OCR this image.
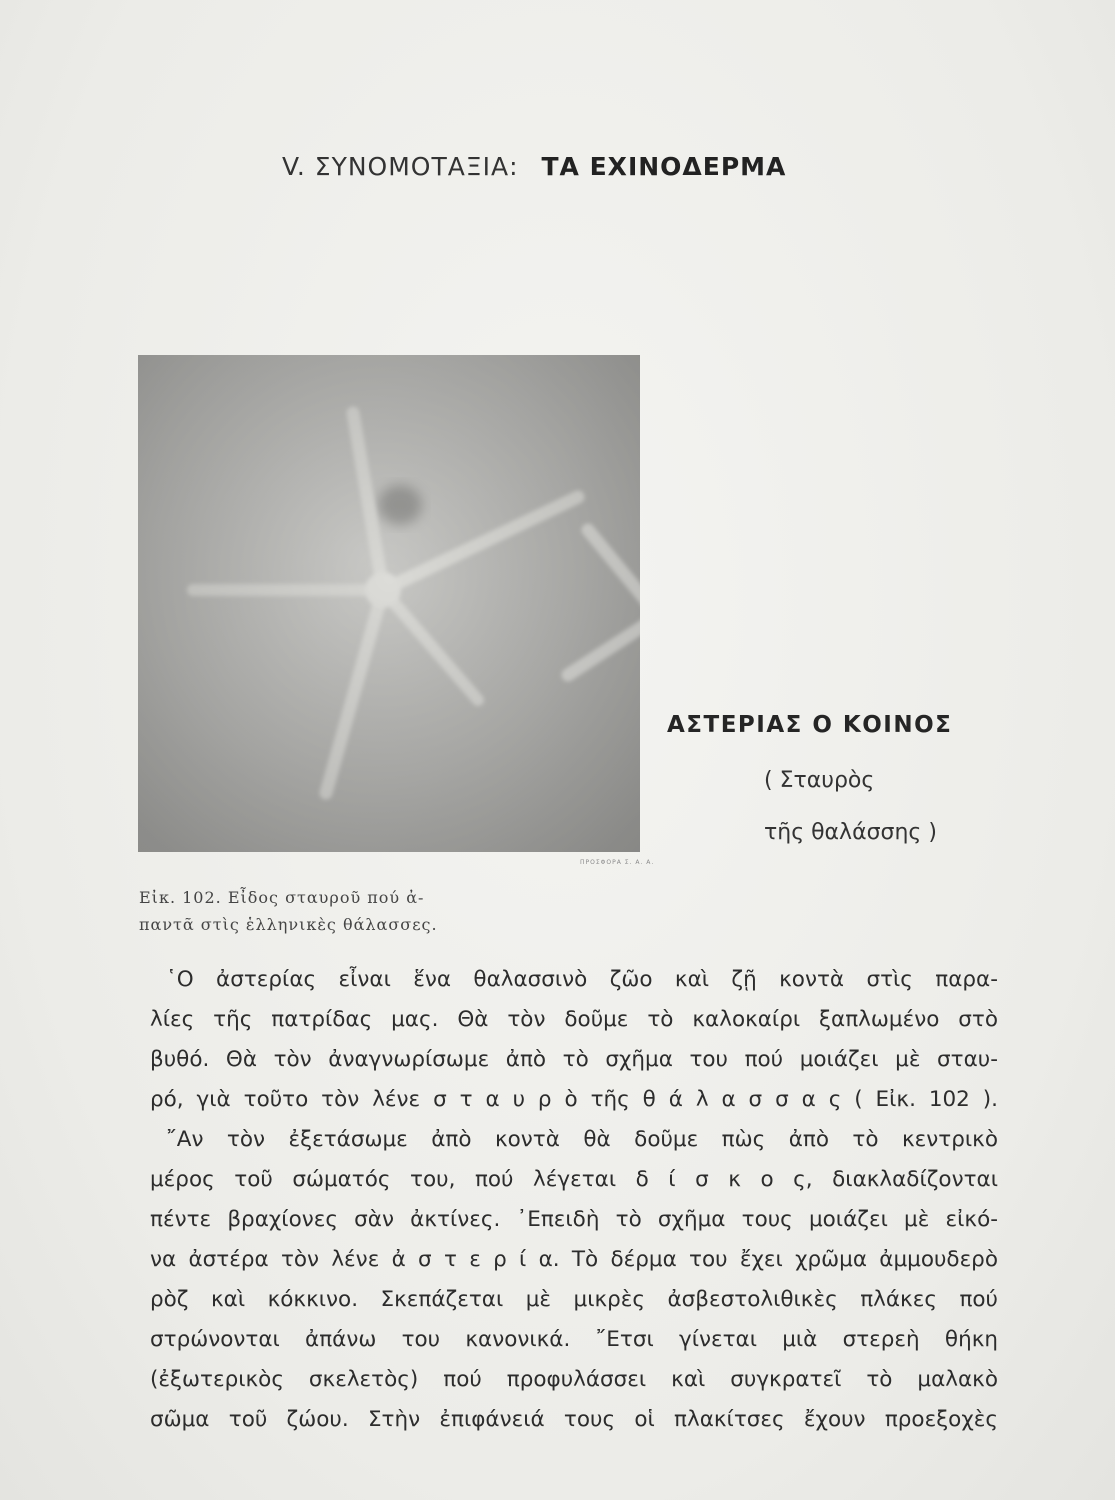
V. ΣΥΝΟΜΟΤΑΞΙΑ: ΤΑ ΕΧΙΝΟΔΕΡΜΑ
ΠΡΟΣΦΟΡΑ Σ. Α. Α.
Εἰκ. 102. Εἶδος σταυροῦ πού ἀ-
παντᾶ στὶς ἑλληνικὲς θάλασσες.
ΑΣΤΕΡΙΑΣ Ο ΚΟΙΝΟΣ
( Σταυρὸς
τῆς θαλάσσης )
῾Ο ἀστερίας εἶναι ἕνα θαλασσινὸ ζῶο καὶ ζῇ κοντὰ στὶς παρα-
λίες τῆς πατρίδας μας. Θὰ τὸν δοῦμε τὸ καλοκαίρι ξαπλωμένο στὸ
βυθό. Θὰ τὸν ἀναγνωρίσωμε ἀπὸ τὸ σχῆμα του πού μοιάζει μὲ σταυ-
ρό, γιὰ τοῦτο τὸν λένε σ τ α υ ρ ὸ τῆς θ ά λ α σ σ α ς ( Εἰκ. 102 ).
῎Αν τὸν ἐξετάσωμε ἀπὸ κοντὰ θὰ δοῦμε πὼς ἀπὸ τὸ κεντρικὸ
μέρος τοῦ σώματός του, πού λέγεται δ ί σ κ ο ς, διακλαδίζονται
πέντε βραχίονες σὰν ἀκτίνες. ᾿Επειδὴ τὸ σχῆμα τους μοιάζει μὲ εἰκό-
να ἀστέρα τὸν λένε ἀ σ τ ε ρ ί α. Τὸ δέρμα του ἔχει χρῶμα ἀμμουδερὸ
ρὸζ καὶ κόκκινο. Σκεπάζεται μὲ μικρὲς ἀσβεστολιθικὲς πλάκες πού
στρώνονται ἀπάνω του κανονικά. ῎Ετσι γίνεται μιὰ στερεὴ θήκη
(ἐξωτερικὸς σκελετὸς) πού προφυλάσσει καὶ συγκρατεῖ τὸ μαλακὸ
σῶμα τοῦ ζώου. Στὴν ἐπιφάνειά τους οἱ πλακίτσες ἔχουν προεξοχὲς
